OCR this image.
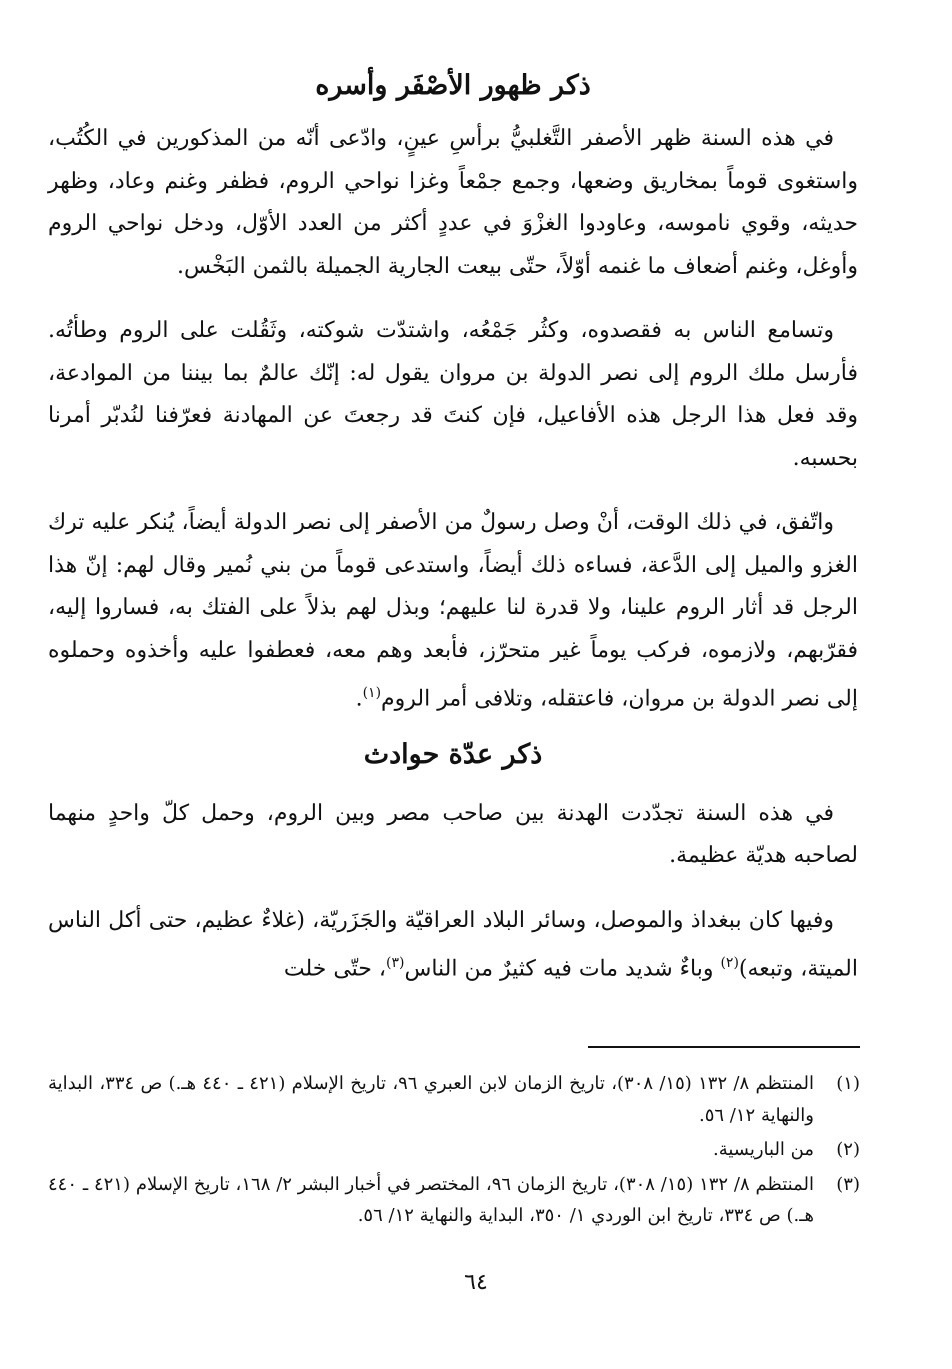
ذكر ظهور الأصْفَر وأسره

في هذه السنة ظهر الأصفر التَّغلبيُّ برأسِ عينٍ، وادّعى أنّه من المذكورين في الكُتُب، واستغوى قوماً بمخاريق وضعها، وجمع جمْعاً وغزا نواحي الروم، فظفر وغنم وعاد، وظهر حديثه، وقوي ناموسه، وعاودوا الغزْوَ في عددٍ أكثر من العدد الأوّل، ودخل نواحي الروم وأوغل، وغنم أضعاف ما غنمه أوّلاً، حتّى بيعت الجارية الجميلة بالثمن البَخْس.

وتسامع الناس به فقصدوه، وكثُر جَمْعُه، واشتدّت شوكته، وثَقُلت على الروم وطأتُه. فأرسل ملك الروم إلى نصر الدولة بن مروان يقول له: إنّك عالمٌ بما بيننا من الموادعة، وقد فعل هذا الرجل هذه الأفاعيل، فإن كنتَ قد رجعتَ عن المهادنة فعرّفنا لنُدبّر أمرنا بحسبه.

واتّفق، في ذلك الوقت، أنْ وصل رسولٌ من الأصفر إلى نصر الدولة أيضاً، يُنكر عليه ترك الغزو والميل إلى الدَّعة، فساءه ذلك أيضاً، واستدعى قوماً من بني نُمير وقال لهم: إنّ هذا الرجل قد أثار الروم علينا، ولا قدرة لنا عليهم؛ وبذل لهم بذلاً على الفتك به، فساروا إليه، فقرّبهم، ولازموه، فركب يوماً غير متحرّز، فأبعد وهم معه، فعطفوا عليه وأخذوه وحملوه إلى نصر الدولة بن مروان، فاعتقله، وتلافى أمر الروم$^{(١)}$.

ذكر عدّة حوادث

في هذه السنة تجدّدت الهدنة بين صاحب مصر وبين الروم، وحمل كلّ واحدٍ منهما لصاحبه هديّة عظيمة.

وفيها كان ببغداذ والموصل، وسائر البلاد العراقيّة والجَزَريّة، (غلاءٌ عظيم، حتى أكل الناس الميتة، وتبعه)$^{(٢)}$ وباءٌ شديد مات فيه كثيرٌ من الناس$^{(٣)}$، حتّى خلت

(١)
المنتظم ٨/ ١٣٢ (١٥/ ٣٠٨)، تاريخ الزمان لابن العبري ٩٦، تاريخ الإسلام (٤٢١ ـ ٤٤٠ هـ.) ص ٣٣٤، البداية والنهاية ١٢/ ٥٦.
(٢)
من الباريسية.
(٣)
المنتظم ٨/ ١٣٢ (١٥/ ٣٠٨)، تاريخ الزمان ٩٦، المختصر في أخبار البشر ٢/ ١٦٨، تاريخ الإسلام (٤٢١ ـ ٤٤٠ هـ.) ص ٣٣٤، تاريخ ابن الوردي ١/ ٣٥٠، البداية والنهاية ١٢/ ٥٦.
٦٤
